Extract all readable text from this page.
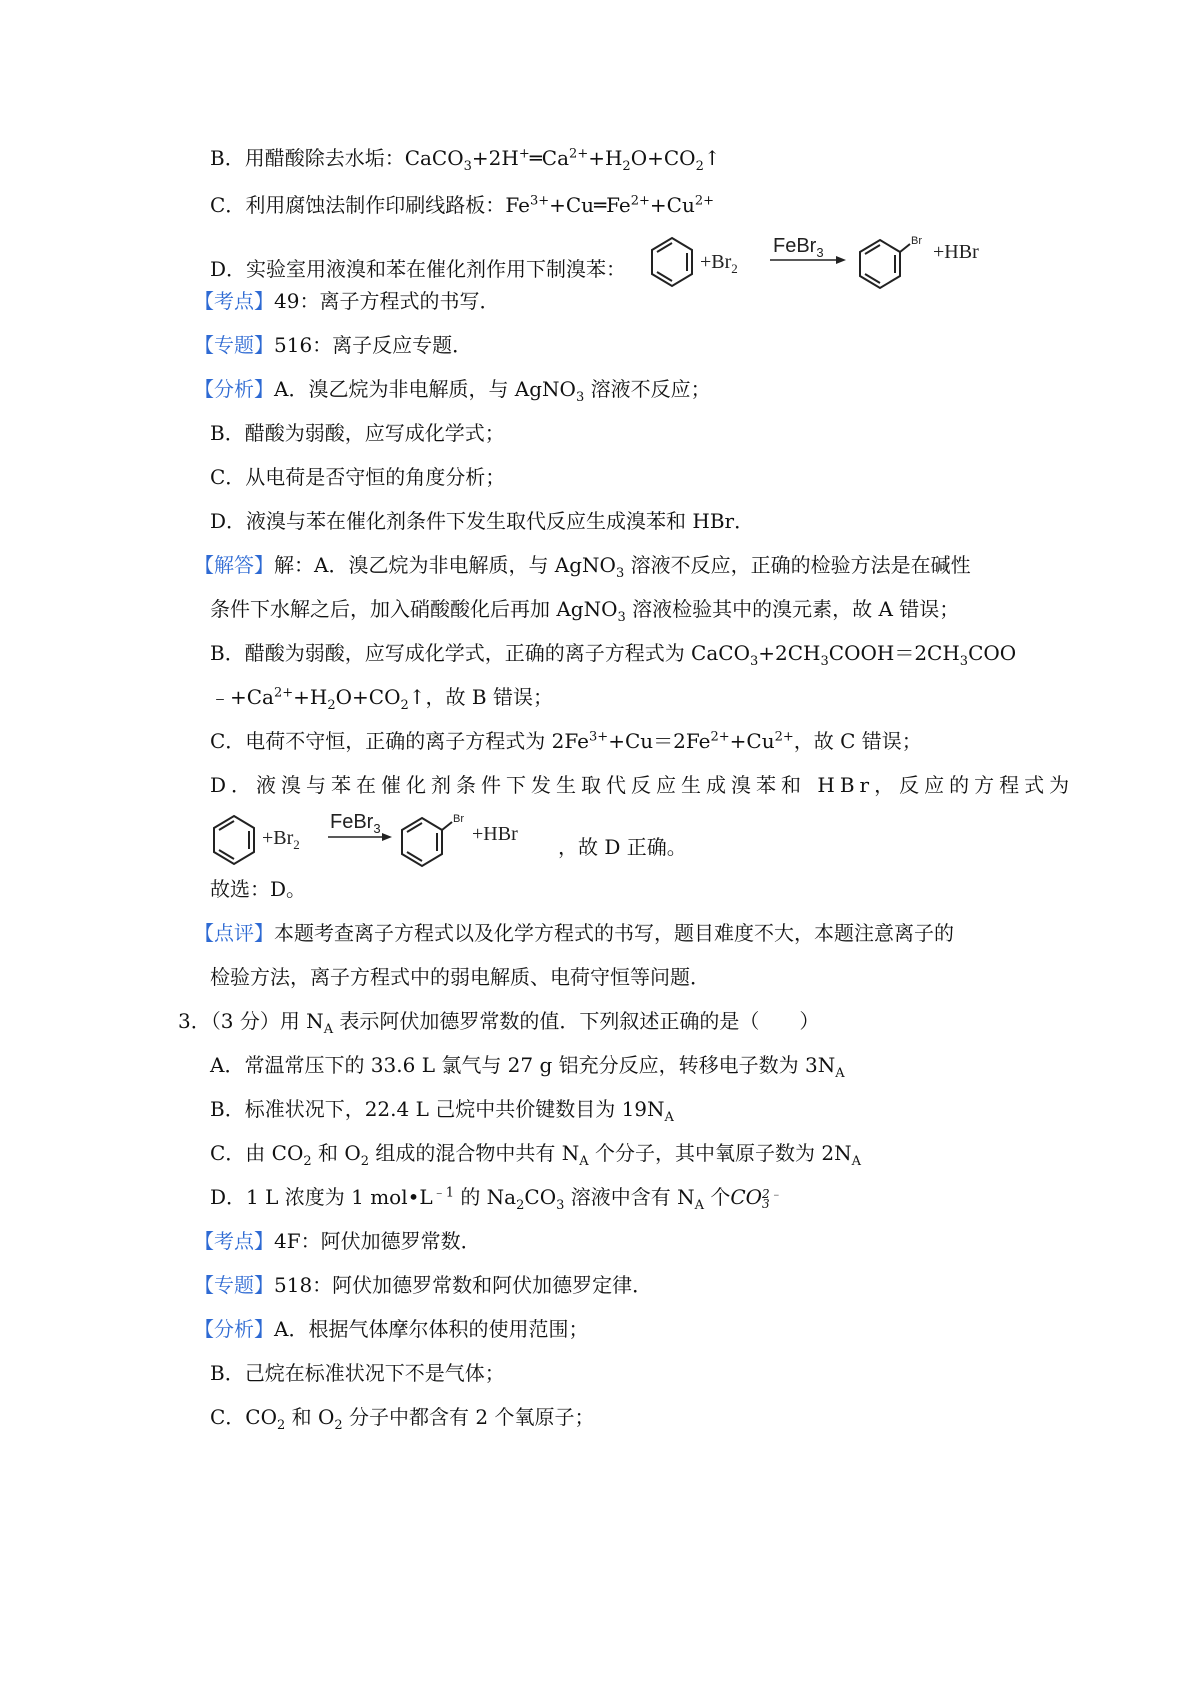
B．用醋酸除去水垢：$CaCO_3+2H^+═Ca^{2+}+H_2O+CO_2↑$
C．利用腐蚀法制作印刷线路板：$Fe^{3+}+Cu═Fe^{2+}+Cu^{2+}$
D．实验室用液溴和苯在催化剂作用下制溴苯：	$+Br_2$
FeBr$_3$
Br +HBr
【考点】49：离子方程式的书写．
【专题】516：离子反应专题．
【分析】A．溴乙烷为非电解质，与 AgNO$_3$ 溶液不反应；
B．醋酸为弱酸，应写成化学式；
C．从电荷是否守恒的角度分析；
D．液溴与苯在催化剂条件下发生取代反应生成溴苯和 HBr．
【解答】解：A．溴乙烷为非电解质，与 AgNO$_3$ 溶液不反应，正确的检验方法是在碱性
条件下水解之后，加入硝酸酸化后再加 AgNO$_3$ 溶液检验其中的溴元素，故 A 错误；
B．醋酸为弱酸，应写成化学式，正确的离子方程式为 $CaCO_3+2CH_3COOH=2CH_3COO$
$﹣+Ca^{2+}+H_2O+CO_2↑$，故 B 错误；
C．电荷不守恒，正确的离子方程式为 $2Fe^{3+}+Cu=2Fe^{2+}+Cu^{2+}$，故 C 错误；
D．液溴与苯在催化剂条件下发生取代反应生成溴苯和 HBr，反应的方程式为
$+Br_2$
FeBr$_3$
Br
+HBr
，故 D 正确。
故选：D。
【点评】本题考查离子方程式以及化学方程式的书写，题目难度不大，本题注意离子的
检验方法，离子方程式中的弱电解质、电荷守恒等问题．
3．（3 分）用 $N_A$ 表示阿伏加德罗常数的值．下列叙述正确的是（　　）
A．常温常压下的 33.6 L 氯气与 27 g 铝充分反应，转移电子数为 $3N_A$
B．标准状况下，22.4 L 己烷中共价键数目为 $19N_A$
C．由 $CO_2$ 和 $O_2$ 组成的混合物中共有 $N_A$ 个分子，其中氧原子数为 $2N_A$
D．1 L 浓度为 1 $mol•L^{﹣1}$ 的 $Na_2CO_3$ 溶液中含有 $N_A$ 个CO 2﹣
3
【考点】4F：阿伏加德罗常数．
【专题】518：阿伏加德罗常数和阿伏加德罗定律．
【分析】A．根据气体摩尔体积的使用范围；
B．己烷在标准状况下不是气体；
C．$CO_2$ 和 $O_2$ 分子中都含有 2 个氧原子；
